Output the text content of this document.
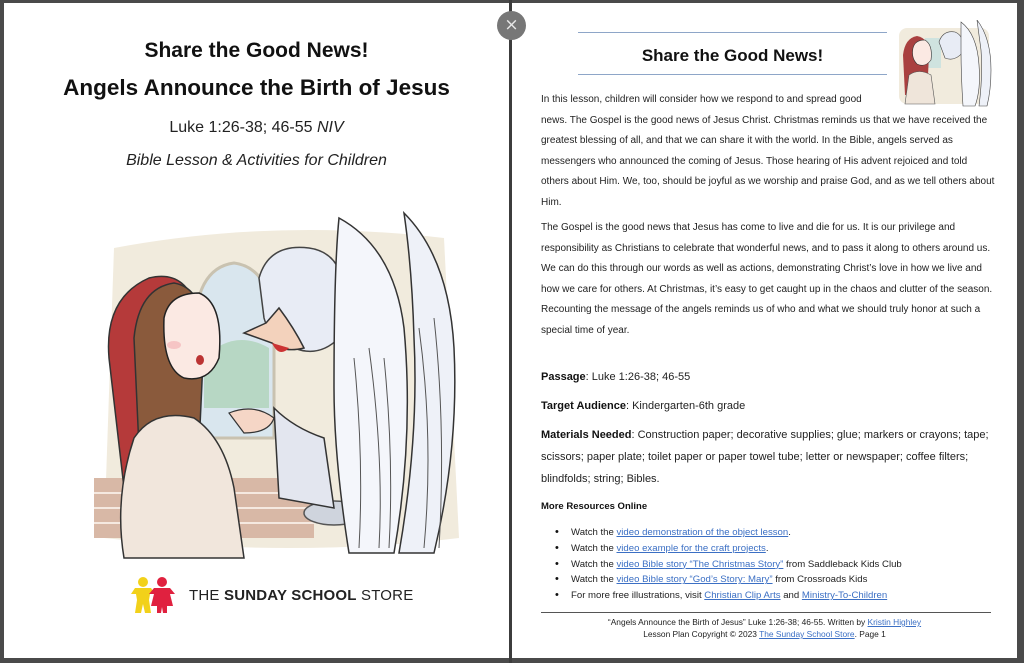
Share the Good News!
Angels Announce the Birth of Jesus
Luke 1:26-38; 46-55 NIV
Bible Lesson & Activities for Children
THE SUNDAY SCHOOL STORE
×
Share the Good News!
In this lesson, children will consider how we respond to and spread good news. The Gospel is the good news of Jesus Christ. Christmas reminds us that we have received the greatest blessing of all, and that we can share it with the world. In the Bible, angels served as messengers who announced the coming of Jesus. Those hearing of His advent rejoiced and told others about Him. We, too, should be joyful as we worship and praise God, and as we tell others about Him.
The Gospel is the good news that Jesus has come to live and die for us. It is our privilege and responsibility as Christians to celebrate that wonderful news, and to pass it along to others around us. We can do this through our words as well as actions, demonstrating Christ’s love in how we live and how we care for others. At Christmas, it’s easy to get caught up in the chaos and clutter of the season. Recounting the message of the angels reminds us of who and what we should truly honor at such a special time of year.
Passage: Luke 1:26-38; 46-55
Target Audience: Kindergarten-6th grade
Materials Needed: Construction paper; decorative supplies; glue; markers or crayons; tape; scissors; paper plate; toilet paper or paper towel tube; letter or newspaper; coffee filters; blindfolds; string; Bibles.
More Resources Online
• Watch the video demonstration of the object lesson.
• Watch the video example for the craft projects.
• Watch the video Bible story “The Christmas Story” from Saddleback Kids Club
• Watch the video Bible story “God’s Story: Mary” from Crossroads Kids
• For more free illustrations, visit Christian Clip Arts and Ministry-To-Children
“Angels Announce the Birth of Jesus” Luke 1:26-38; 46-55. Written by Kristin Highley
Lesson Plan Copyright © 2023 The Sunday School Store. Page 1
